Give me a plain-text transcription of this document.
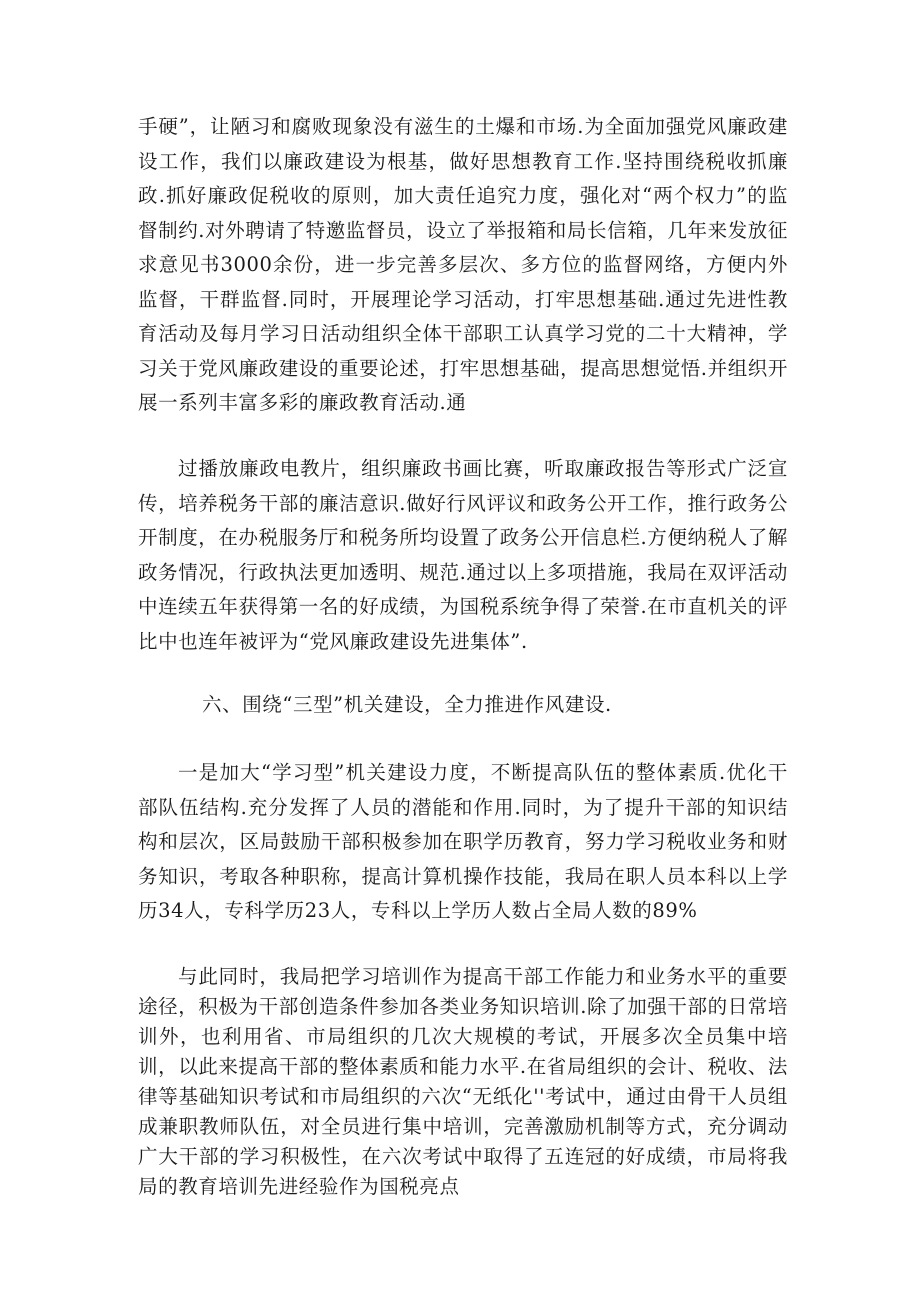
手硬”，让陋习和腐败现象没有滋生的土爆和市场.为全面加强党风廉政建设工作，我们以廉政建设为根基，做好思想教育工作.坚持围绕税收抓廉政.抓好廉政促税收的原则，加大责任追究力度，强化对“两个权力”的监督制约.对外聘请了特邀监督员，设立了举报箱和局长信箱，几年来发放征求意见书3000余份，进一步完善多层次、多方位的监督网络，方便内外监督，干群监督.同时，开展理论学习活动，打牢思想基础.通过先进性教育活动及每月学习日活动组织全体干部职工认真学习党的二十大精神，学习关于党风廉政建设的重要论述，打牢思想基础，提高思想觉悟.并组织开展一系列丰富多彩的廉政教育活动.通

过播放廉政电教片，组织廉政书画比赛，听取廉政报告等形式广泛宣传，培养税务干部的廉洁意识.做好行风评议和政务公开工作，推行政务公开制度，在办税服务厅和税务所均设置了政务公开信息栏.方便纳税人了解政务情况，行政执法更加透明、规范.通过以上多项措施，我局在双评活动中连续五年获得第一名的好成绩，为国税系统争得了荣誉.在市直机关的评比中也连年被评为“党风廉政建设先进集体”.

六、围绕“三型”机关建设，全力推进作风建设.

一是加大“学习型”机关建设力度，不断提高队伍的整体素质.优化干部队伍结构.充分发挥了人员的潜能和作用.同时，为了提升干部的知识结构和层次，区局鼓励干部积极参加在职学历教育，努力学习税收业务和财务知识，考取各种职称，提高计算机操作技能，我局在职人员本科以上学历34人，专科学历23人，专科以上学历人数占全局人数的89%

与此同时，我局把学习培训作为提高干部工作能力和业务水平的重要途径，积极为干部创造条件参加各类业务知识培训.除了加强干部的日常培训外，也利用省、市局组织的几次大规模的考试，开展多次全员集中培训，以此来提高干部的整体素质和能力水平.在省局组织的会计、税收、法律等基础知识考试和市局组织的六次“无纸化''考试中，通过由骨干人员组成兼职教师队伍，对全员进行集中培训，完善激励机制等方式，充分调动广大干部的学习积极性，在六次考试中取得了五连冠的好成绩，市局将我局的教育培训先进经验作为国税亮点
